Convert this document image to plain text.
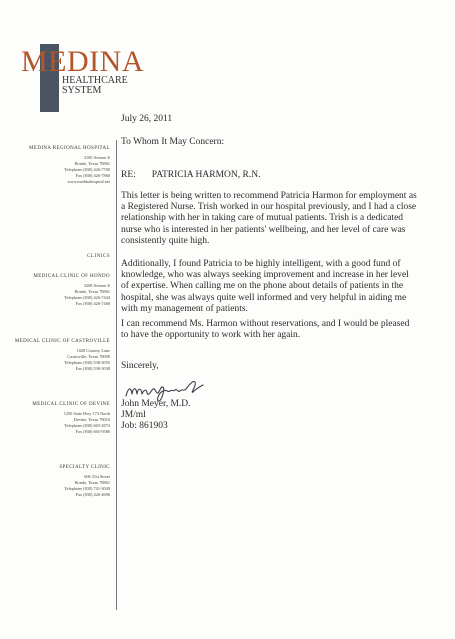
MEDINA
HEALTHCARE
SYSTEM
MEDINA REGIONAL HOSPITAL
3100 Avenue E
Hondo, Texas 78861
Telephone (830) 426-7700
Fax (830) 426-7860
www.medinahospital.net
CLINICS
MEDICAL CLINIC OF HONDO
3208 Avenue E
Hondo, Texas 78861
Telephone (830) 426-7444
Fax (830) 426-7468
MEDICAL CLINIC OF CASTROVILLE
1028 Country Lane
Castroville, Texas 78009
Telephone (830) 538-3055
Fax (830) 538-3038
MEDICAL CLINIC OF DEVINE
1250 State Hwy 173 North
Devine, Texas 78016
Telephone (830) 665-2874
Fax (830) 665-9586
SPECIALTY CLINIC
606 31st Street
Hondo, Texas 78861
Telephone (830) 741-3049
Fax (830) 426-4696
July 26, 2011
To Whom It May Concern:
RE: PATRICIA HARMON, R.N.
This letter is being written to recommend Patricia Harmon for employment as a Registered Nurse. Trish worked in our hospital previously, and I had a close relationship with her in taking care of mutual patients. Trish is a dedicated nurse who is interested in her patients' wellbeing, and her level of care was consistently quite high.
Additionally, I found Patricia to be highly intelligent, with a good fund of knowledge, who was always seeking improvement and increase in her level of expertise. When calling me on the phone about details of patients in the hospital, she was always quite well informed and very helpful in aiding me with my management of patients.
I can recommend Ms. Harmon without reservations, and I would be pleased to have the opportunity to work with her again.
Sincerely,
John Meyer, M.D.
JM/ml
Job: 861903
